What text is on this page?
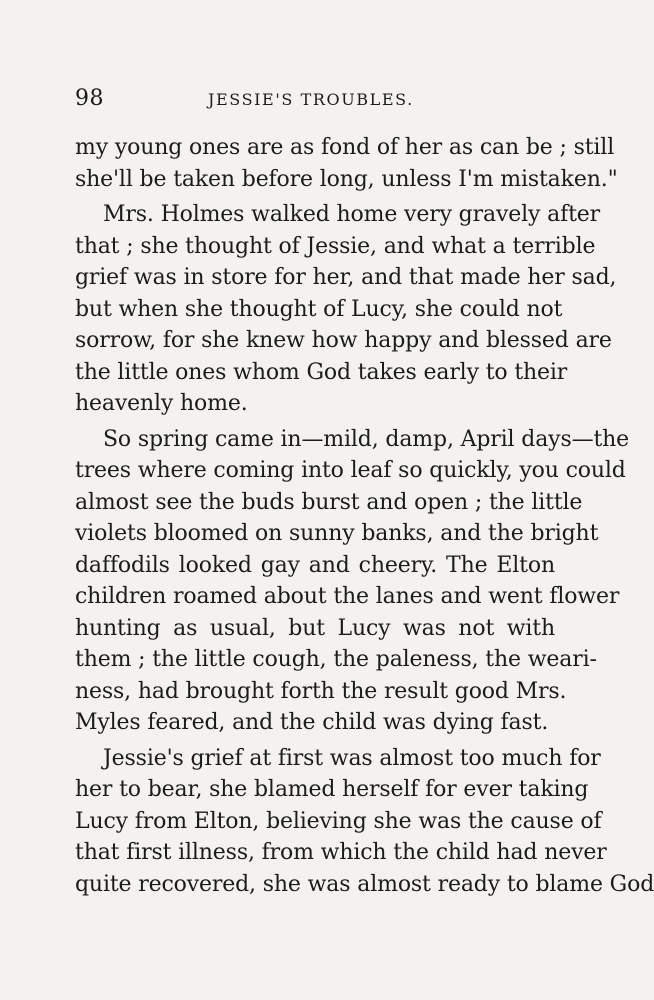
98	JESSIE'S TROUBLES.
my young ones are as fond of her as can be ; still
she'll be taken before long, unless I'm mistaken."
Mrs. Holmes walked home very gravely after
that ; she thought of Jessie, and what a terrible
grief was in store for her, and that made her sad,
but when she thought of Lucy, she could not
sorrow, for she knew how happy and blessed are
the little ones whom God takes early to their
heavenly home.
So spring came in—mild, damp, April days—the
trees where coming into leaf so quickly, you could
almost see the buds burst and open ; the little
violets bloomed on sunny banks, and the bright
daffodils looked gay and cheery. The Elton
children roamed about the lanes and went flower
hunting as usual, but Lucy was not with
them ; the little cough, the paleness, the weari-
ness, had brought forth the result good Mrs.
Myles feared, and the child was dying fast.
Jessie's grief at first was almost too much for
her to bear, she blamed herself for ever taking
Lucy from Elton, believing she was the cause of
that first illness, from which the child had never
quite recovered, she was almost ready to blame God
